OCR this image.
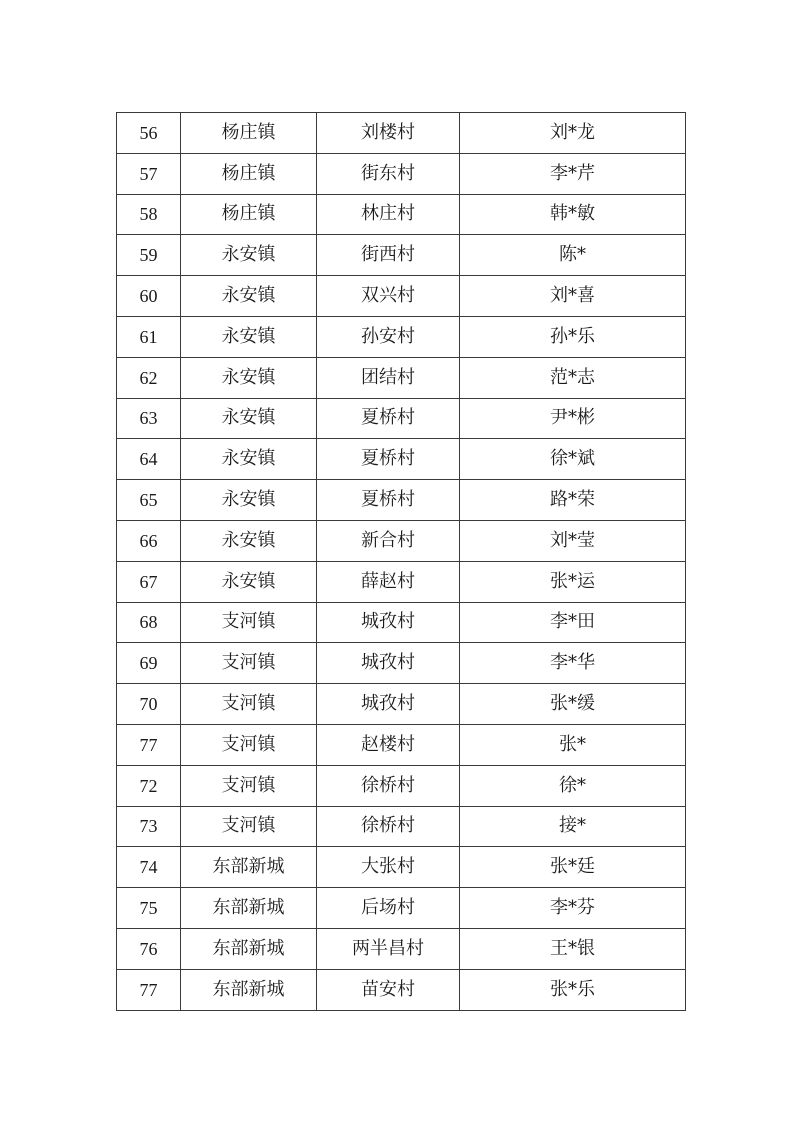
56	杨庄镇	刘楼村	刘*龙
57	杨庄镇	街东村	李*芹
58	杨庄镇	林庄村	韩*敏
59	永安镇	街西村	陈*
60	永安镇	双兴村	刘*喜
61	永安镇	孙安村	孙*乐
62	永安镇	团结村	范*志
63	永安镇	夏桥村	尹*彬
64	永安镇	夏桥村	徐*斌
65	永安镇	夏桥村	路*荣
66	永安镇	新合村	刘*莹
67	永安镇	薛赵村	张*运
68	支河镇	城孜村	李*田
69	支河镇	城孜村	李*华
70	支河镇	城孜村	张*缓
77	支河镇	赵楼村	张*
72	支河镇	徐桥村	徐*
73	支河镇	徐桥村	接*
74	东部新城	大张村	张*廷
75	东部新城	后场村	李*芬
76	东部新城	两半昌村	王*银
77	东部新城	苗安村	张*乐
